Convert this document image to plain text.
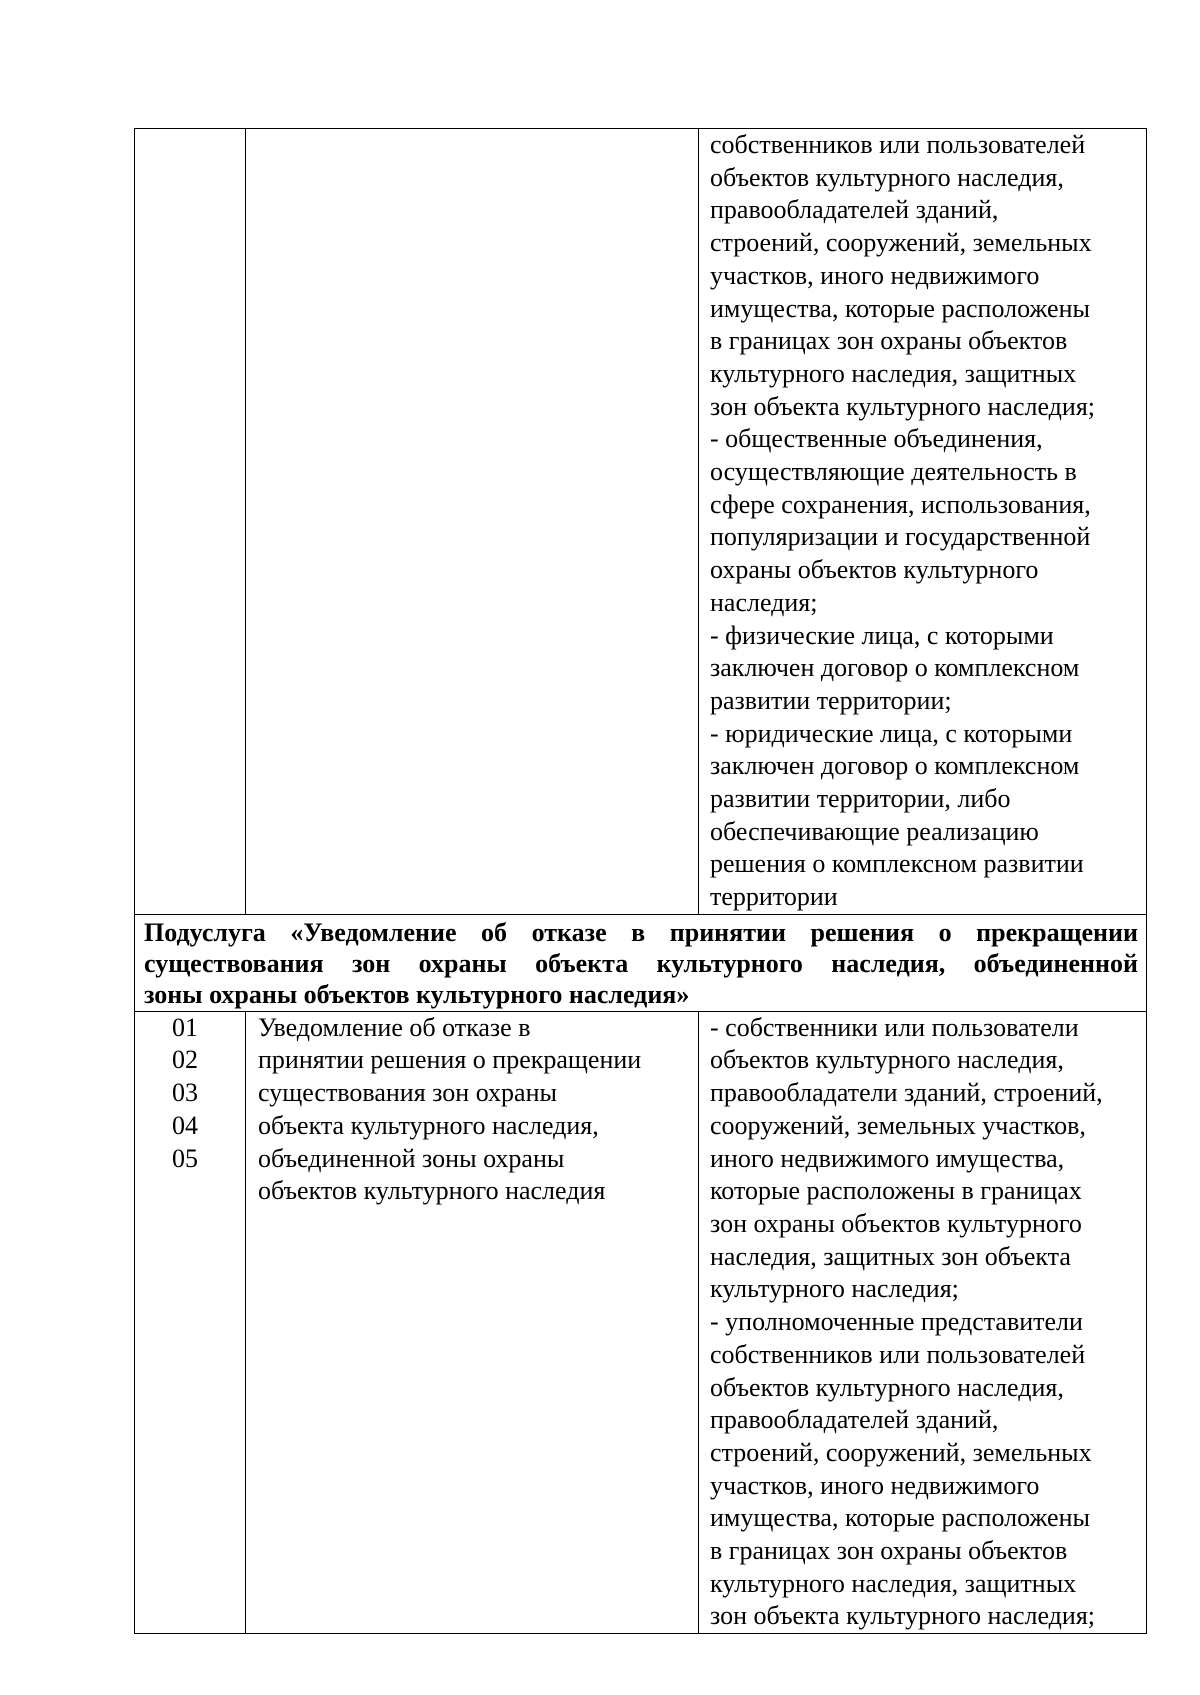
собственников или пользователей
объектов культурного наследия,
правообладателей зданий,
строений, сооружений, земельных
участков, иного недвижимого
имущества, которые расположены
в границах зон охраны объектов
культурного наследия, защитных
зон объекта культурного наследия;
- общественные объединения,
осуществляющие деятельность в
сфере сохранения, использования,
популяризации и государственной
охраны объектов культурного
наследия;
- физические лица, с которыми
заключен договор о комплексном
развитии территории;
- юридические лица, с которыми
заключен договор о комплексном
развитии территории, либо
обеспечивающие реализацию
решения о комплексном развитии
территории
Подуслуга «Уведомление об отказе в принятии решения о прекращении
существования зон охраны объекта культурного наследия, объединенной
зоны охраны объектов культурного наследия»
01
02
03
04
05
Уведомление об отказе в
принятии решения о прекращении
существования зон охраны
объекта культурного наследия,
объединенной зоны охраны
объектов культурного наследия
- собственники или пользователи
объектов культурного наследия,
правообладатели зданий, строений,
сооружений, земельных участков,
иного недвижимого имущества,
которые расположены в границах
зон охраны объектов культурного
наследия, защитных зон объекта
культурного наследия;
- уполномоченные представители
собственников или пользователей
объектов культурного наследия,
правообладателей зданий,
строений, сооружений, земельных
участков, иного недвижимого
имущества, которые расположены
в границах зон охраны объектов
культурного наследия, защитных
зон объекта культурного наследия;
